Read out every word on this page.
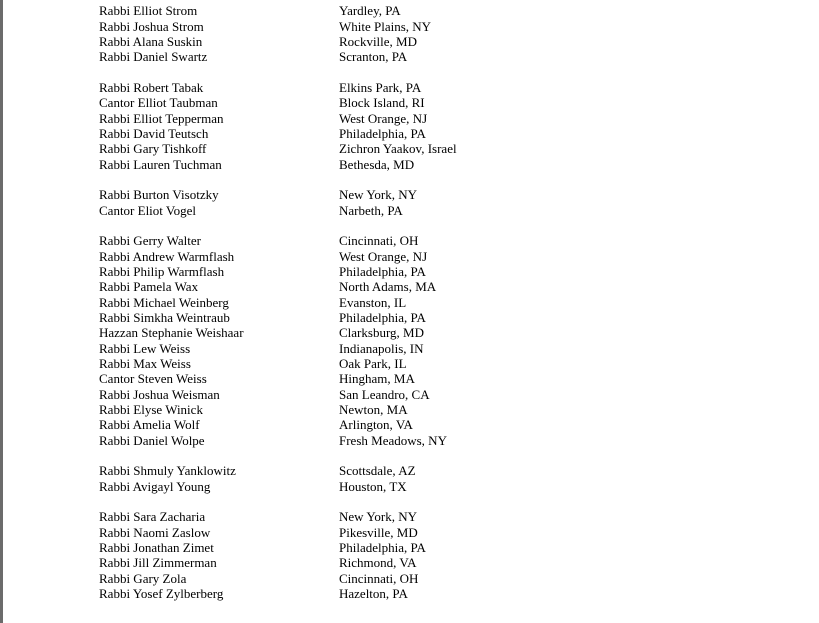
Rabbi Elliot Strom	Yardley, PA
Rabbi Joshua Strom	White Plains, NY
Rabbi Alana Suskin	Rockville, MD
Rabbi Daniel Swartz	Scranton, PA
Rabbi Robert Tabak	Elkins Park, PA
Cantor Elliot Taubman	Block Island, RI
Rabbi Elliot Tepperman	West Orange, NJ
Rabbi David Teutsch	Philadelphia, PA
Rabbi Gary Tishkoff	Zichron Yaakov, Israel
Rabbi Lauren Tuchman	Bethesda, MD
Rabbi Burton Visotzky	New York, NY
Cantor Eliot Vogel	Narbeth, PA
Rabbi Gerry Walter	Cincinnati, OH
Rabbi Andrew Warmflash	West Orange, NJ
Rabbi Philip Warmflash	Philadelphia, PA
Rabbi Pamela Wax	North Adams, MA
Rabbi Michael Weinberg	Evanston, IL
Rabbi Simkha Weintraub	Philadelphia, PA
Hazzan Stephanie Weishaar	Clarksburg, MD
Rabbi Lew Weiss	Indianapolis, IN
Rabbi Max Weiss	Oak Park, IL
Cantor Steven Weiss	Hingham, MA
Rabbi Joshua Weisman	San Leandro, CA
Rabbi Elyse Winick	Newton, MA
Rabbi Amelia Wolf	Arlington, VA
Rabbi Daniel Wolpe	Fresh Meadows, NY
Rabbi Shmuly Yanklowitz	Scottsdale, AZ
Rabbi Avigayl Young	Houston, TX
Rabbi Sara Zacharia	New York, NY
Rabbi Naomi Zaslow	Pikesville, MD
Rabbi Jonathan Zimet	Philadelphia, PA
Rabbi Jill Zimmerman	Richmond, VA
Rabbi Gary Zola	Cincinnati, OH
Rabbi Yosef Zylberberg	Hazelton, PA
